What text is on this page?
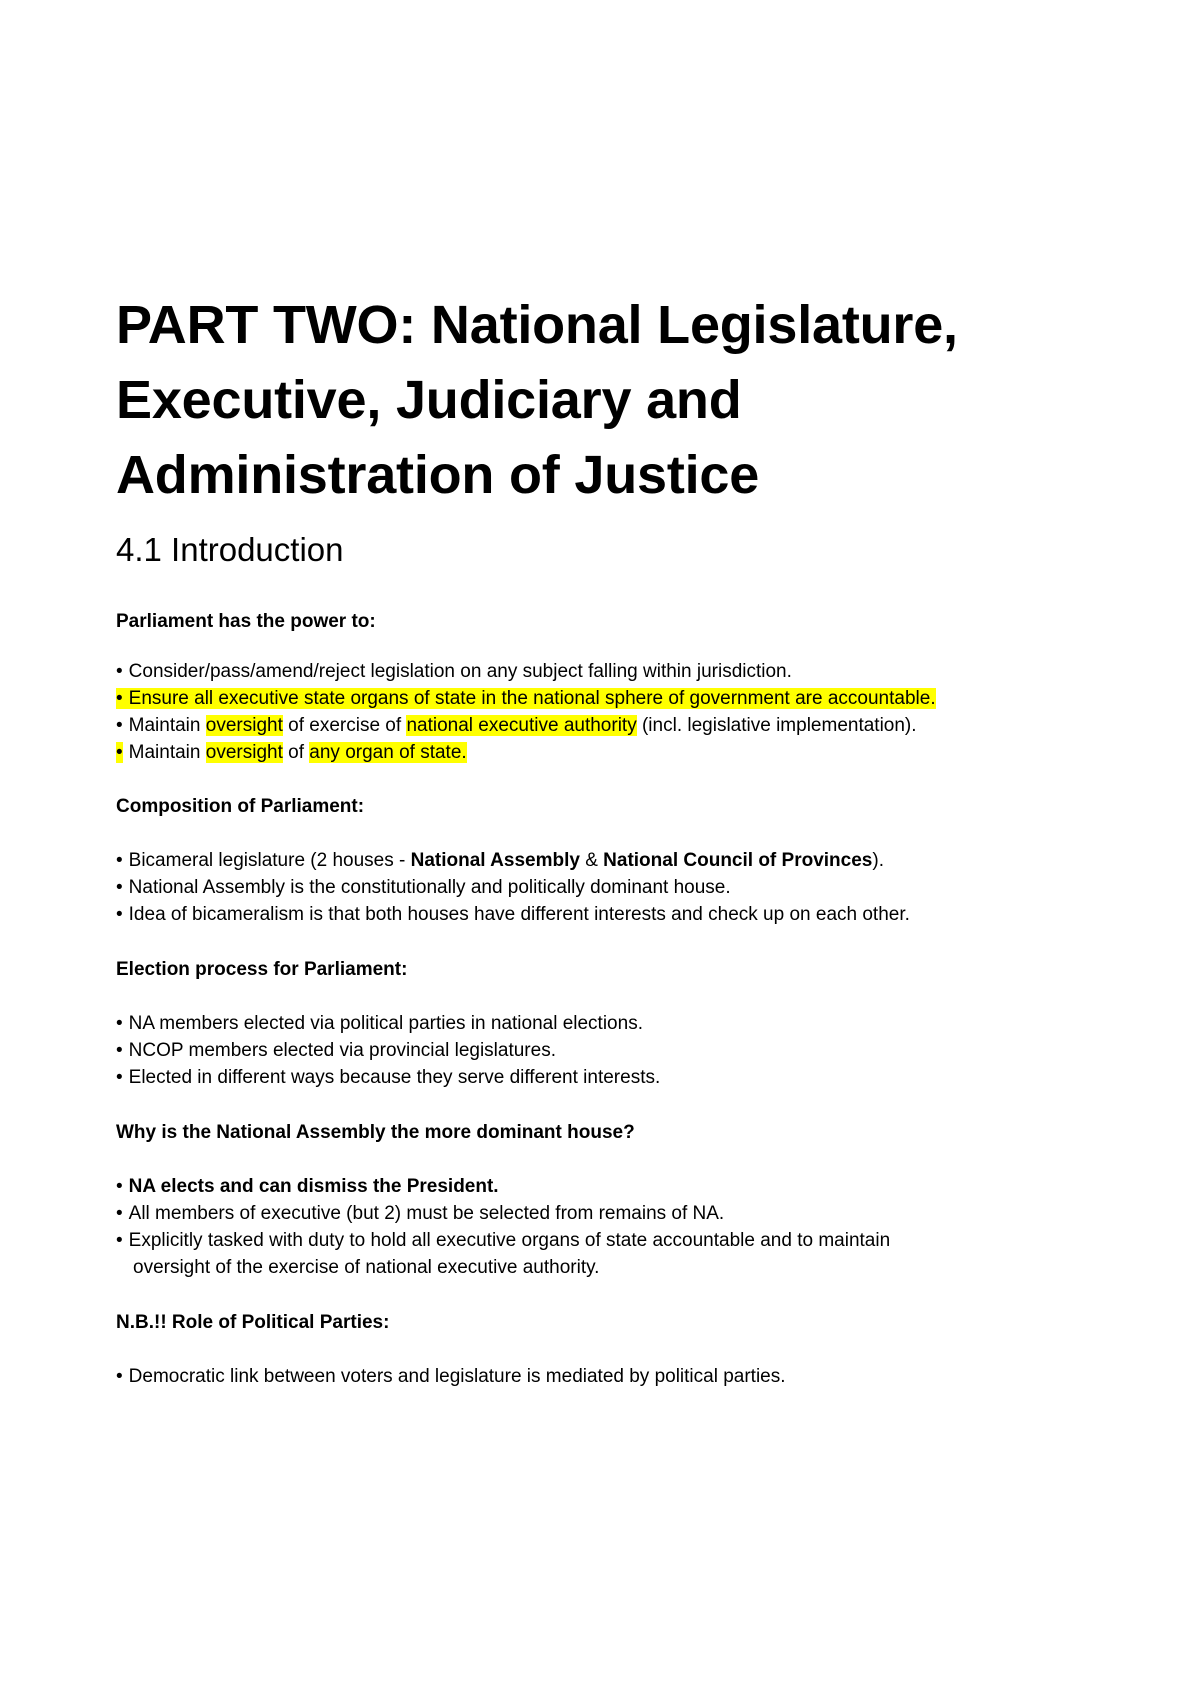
PART TWO: National Legislature,
Executive, Judiciary and
Administration of Justice
4.1 Introduction

Parliament has the power to:

• Consider/pass/amend/reject legislation on any subject falling within jurisdiction.
• Ensure all executive state organs of state in the national sphere of government are accountable.
• Maintain oversight of exercise of national executive authority (incl. legislative implementation).
• Maintain oversight of any organ of state.

Composition of Parliament:

• Bicameral legislature (2 houses - National Assembly & National Council of Provinces).
• National Assembly is the constitutionally and politically dominant house.
• Idea of bicameralism is that both houses have different interests and check up on each other.

Election process for Parliament:

• NA members elected via political parties in national elections.
• NCOP members elected via provincial legislatures.
• Elected in different ways because they serve different interests.

Why is the National Assembly the more dominant house?

• NA elects and can dismiss the President.
• All members of executive (but 2) must be selected from remains of NA.
• Explicitly tasked with duty to hold all executive organs of state accountable and to maintain
oversight of the exercise of national executive authority.

N.B.!! Role of Political Parties:

• Democratic link between voters and legislature is mediated by political parties.
